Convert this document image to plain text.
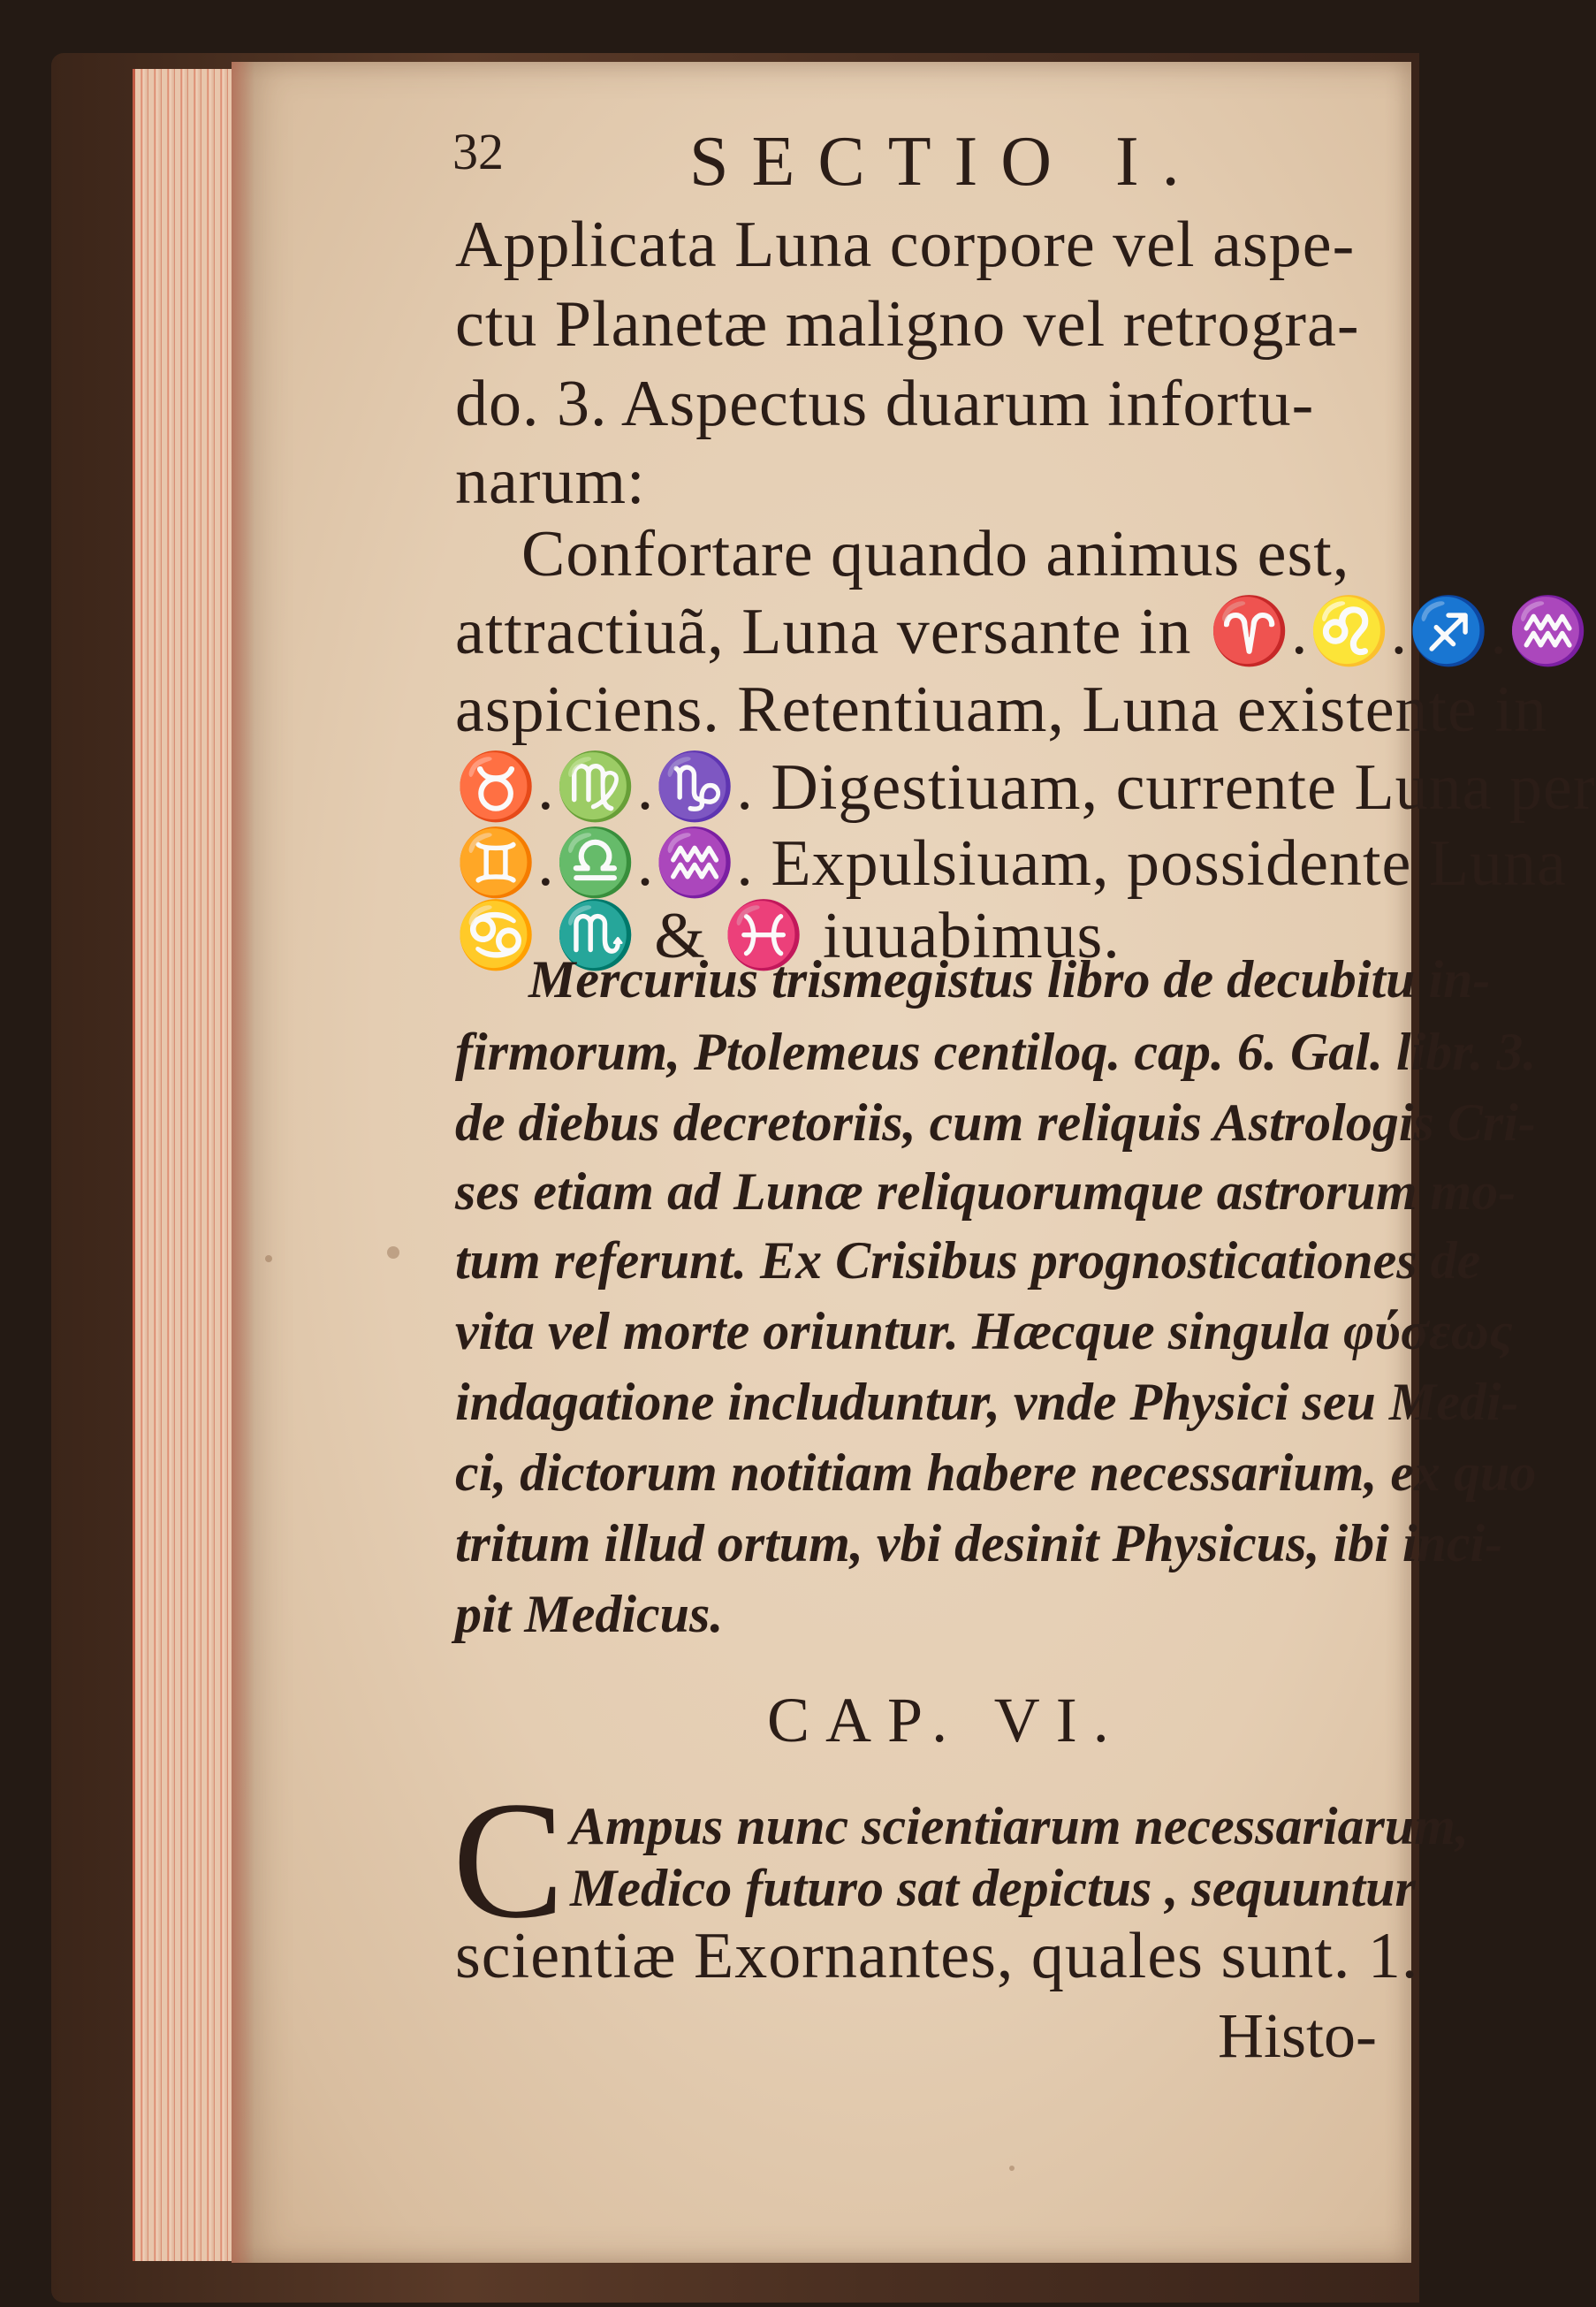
32	SECTIO I.
Applicata Luna corpore vel aspe-
ctu Planetæ maligno vel retrogra-
do. 3. Aspectus duarum infortu-
narum:
Confortare quando animus est,
attractiuã, Luna versante in ♈.♌.♐.♒
aspiciens. Retentiuam, Luna existente in
♉.♍.♑. Digestiuam, currente Luna per
♊.♎.♒. Expulsiuam, possidente Luna
♋ ♏ & ♓ iuuabimus.
Mercurius trismegistus libro de decubitu in-
firmorum, Ptolemeus centiloq. cap. 6. Gal. libr. 3.
de diebus decretoriis, cum reliquis Astrologis Cri-
ses etiam ad Lunæ reliquorumque astrorum mo-
tum referunt. Ex Crisibus prognosticationes de
vita vel morte oriuntur. Hæcque singula φύσεως
indagatione includuntur, vnde Physici seu Medi-
ci, dictorum notitiam habere necessarium, ex quo
tritum illud ortum, vbi desinit Physicus, ibi inci-
pit Medicus.
CAP. VI.
C Ampus nunc scientiarum necessariarum,
Medico futuro sat depictus , sequuntur
scientiæ Exornantes, quales sunt. 1.
Histo-
